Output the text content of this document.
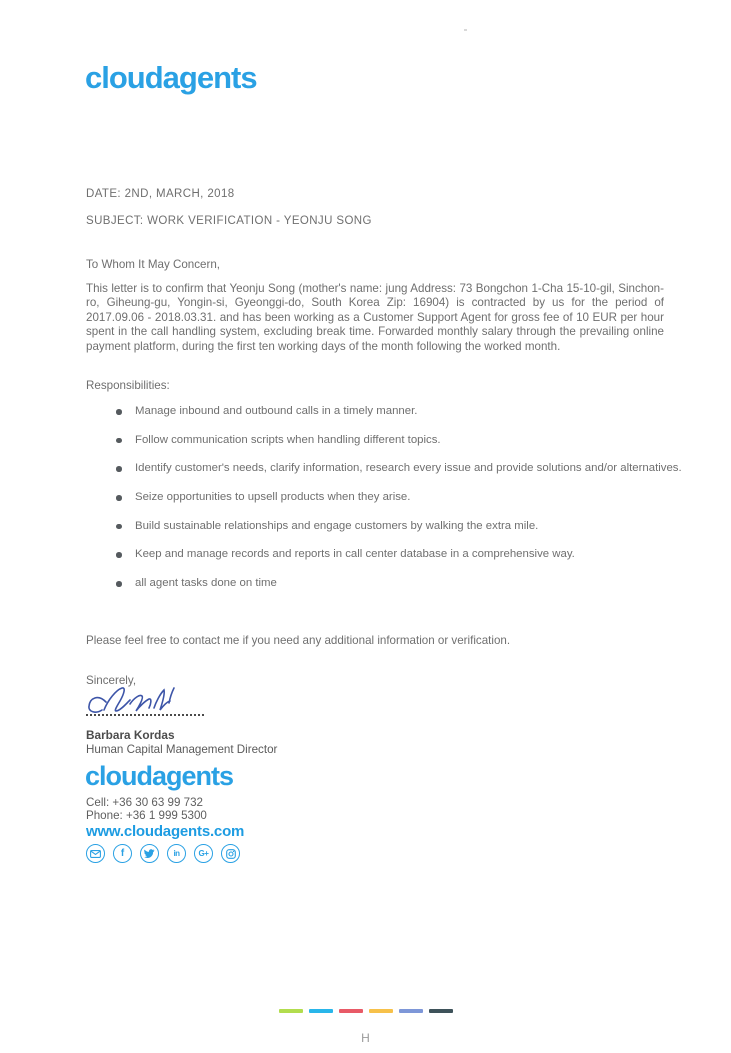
cloudagents
DATE: 2ND, MARCH, 2018
SUBJECT: WORK VERIFICATION - YEONJU SONG
To Whom It May Concern,

This letter is to confirm that Yeonju Song (mother's name: jung Address: 73 Bongchon 1-Cha 15-10-gil, Sinchon-ro, Giheung-gu, Yongin-si, Gyeonggi-do, South Korea Zip: 16904) is contracted by us for the period of 2017.09.06 - 2018.03.31. and has been working as a Customer Support Agent for gross fee of 10 EUR per hour spent in the call handling system, excluding break time. Forwarded monthly salary through the prevailing online payment platform, during the first ten working days of the month following the worked month.

Responsibilities:
Manage inbound and outbound calls in a timely manner.
Follow communication scripts when handling different topics.
Identify customer's needs, clarify information, research every issue and provide solutions and/or alternatives.
Seize opportunities to upsell products when they arise.
Build sustainable relationships and engage customers by walking the extra mile.
Keep and manage records and reports in call center database in a comprehensive way.
all agent tasks done on time
Please feel free to contact me if you need any additional information or verification.
Sincerely,
Barbara Kordas
Human Capital Management Director
cloudagents
Cell: +36 30 63 99 732
Phone: +36 1 999 5300
www.cloudagents.com
f	in	G+
H
